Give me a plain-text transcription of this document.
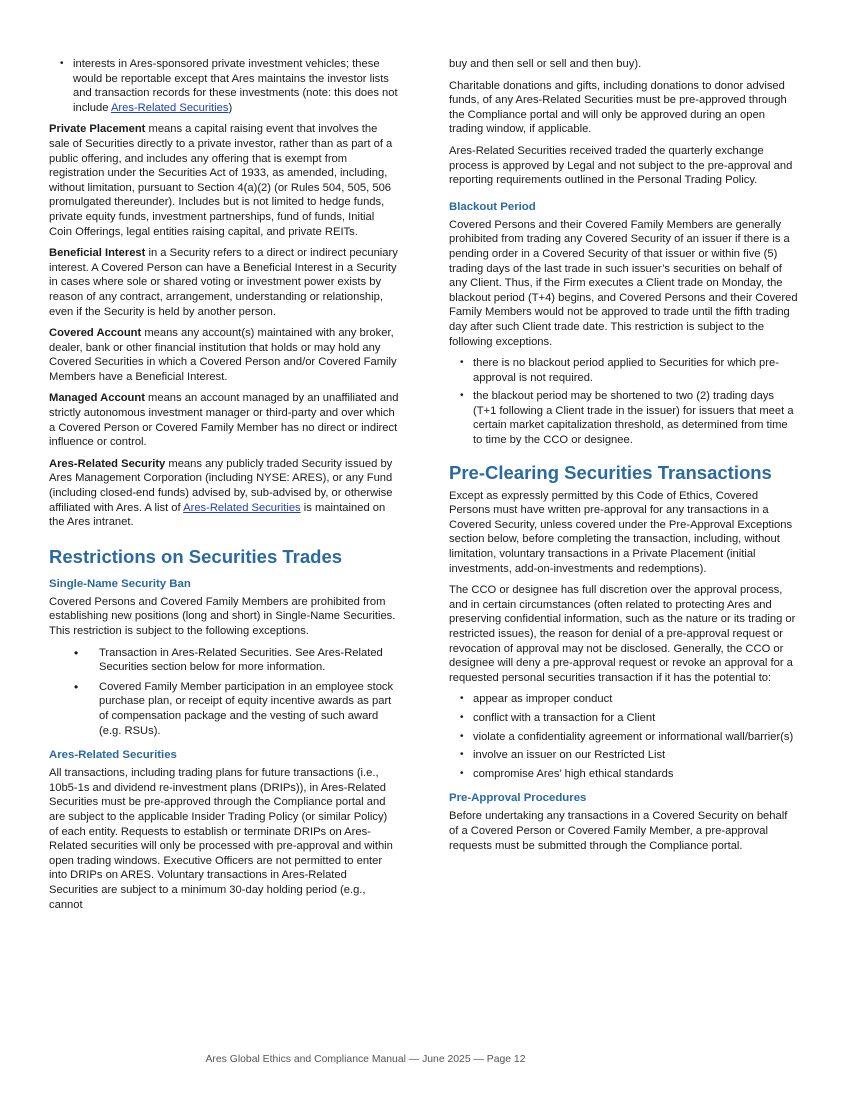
• interests in Ares-sponsored private investment vehicles; these would be reportable except that Ares maintains the investor lists and transaction records for these investments (note: this does not include Ares-Related Securities)

Private Placement means a capital raising event that involves the sale of Securities directly to a private investor, rather than as part of a public offering, and includes any offering that is exempt from registration under the Securities Act of 1933, as amended, including, without limitation, pursuant to Section 4(a)(2) (or Rules 504, 505, 506 promulgated thereunder). Includes but is not limited to hedge funds, private equity funds, investment partnerships, fund of funds, Initial Coin Offerings, legal entities raising capital, and private REITs.

Beneficial Interest in a Security refers to a direct or indirect pecuniary interest. A Covered Person can have a Beneficial Interest in a Security in cases where sole or shared voting or investment power exists by reason of any contract, arrangement, understanding or relationship, even if the Security is held by another person.

Covered Account means any account(s) maintained with any broker, dealer, bank or other financial institution that holds or may hold any Covered Securities in which a Covered Person and/or Covered Family Members have a Beneficial Interest.

Managed Account means an account managed by an unaffiliated and strictly autonomous investment manager or third-party and over which a Covered Person or Covered Family Member has no direct or indirect influence or control.

Ares-Related Security means any publicly traded Security issued by Ares Management Corporation (including NYSE: ARES), or any Fund (including closed-end funds) advised by, sub-advised by, or otherwise affiliated with Ares. A list of Ares-Related Securities is maintained on the Ares intranet.

Restrictions on Securities Trades
Single-Name Security Ban

Covered Persons and Covered Family Members are prohibited from establishing new positions (long and short) in Single-Name Securities. This restriction is subject to the following exceptions.

• Transaction in Ares-Related Securities. See Ares-Related Securities section below for more information.
• Covered Family Member participation in an employee stock purchase plan, or receipt of equity incentive awards as part of compensation package and the vesting of such award (e.g. RSUs).
Ares-Related Securities

All transactions, including trading plans for future transactions (i.e., 10b5-1s and dividend re-investment plans (DRIPs)), in Ares-Related Securities must be pre-approved through the Compliance portal and are subject to the applicable Insider Trading Policy (or similar Policy) of each entity. Requests to establish or terminate DRIPs on Ares-Related securities will only be processed with pre-approval and within open trading windows. Executive Officers are not permitted to enter into DRIPs on ARES. Voluntary transactions in Ares-Related Securities are subject to a minimum 30-day holding period (e.g., cannot

buy and then sell or sell and then buy).

Charitable donations and gifts, including donations to donor advised funds, of any Ares-Related Securities must be pre-approved through the Compliance portal and will only be approved during an open trading window, if applicable.

Ares-Related Securities received traded the quarterly exchange process is approved by Legal and not subject to the pre-approval and reporting requirements outlined in the Personal Trading Policy.

Blackout Period

Covered Persons and their Covered Family Members are generally prohibited from trading any Covered Security of an issuer if there is a pending order in a Covered Security of that issuer or within five (5) trading days of the last trade in such issuer’s securities on behalf of any Client. Thus, if the Firm executes a Client trade on Monday, the blackout period (T+4) begins, and Covered Persons and their Covered Family Members would not be approved to trade until the fifth trading day after such Client trade date. This restriction is subject to the following exceptions.

• there is no blackout period applied to Securities for which pre-approval is not required.
• the blackout period may be shortened to two (2) trading days (T+1 following a Client trade in the issuer) for issuers that meet a certain market capitalization threshold, as determined from time to time by the CCO or designee.
Pre-Clearing Securities Transactions

Except as expressly permitted by this Code of Ethics, Covered Persons must have written pre-approval for any transactions in a Covered Security, unless covered under the Pre-Approval Exceptions section below, before completing the transaction, including, without limitation, voluntary transactions in a Private Placement (initial investments, add-on-investments and redemptions).

The CCO or designee has full discretion over the approval process, and in certain circumstances (often related to protecting Ares and preserving confidential information, such as the nature or its trading or restricted issues), the reason for denial of a pre-approval request or revocation of approval may not be disclosed. Generally, the CCO or designee will deny a pre-approval request or revoke an approval for a requested personal securities transaction if it has the potential to:

• appear as improper conduct
• conflict with a transaction for a Client
• violate a confidentiality agreement or informational wall/barrier(s)
• involve an issuer on our Restricted List
• compromise Ares’ high ethical standards
Pre-Approval Procedures

Before undertaking any transactions in a Covered Security on behalf of a Covered Person or Covered Family Member, a pre-approval requests must be submitted through the Compliance portal.

Ares Global Ethics and Compliance Manual — June 2025 — Page 12
